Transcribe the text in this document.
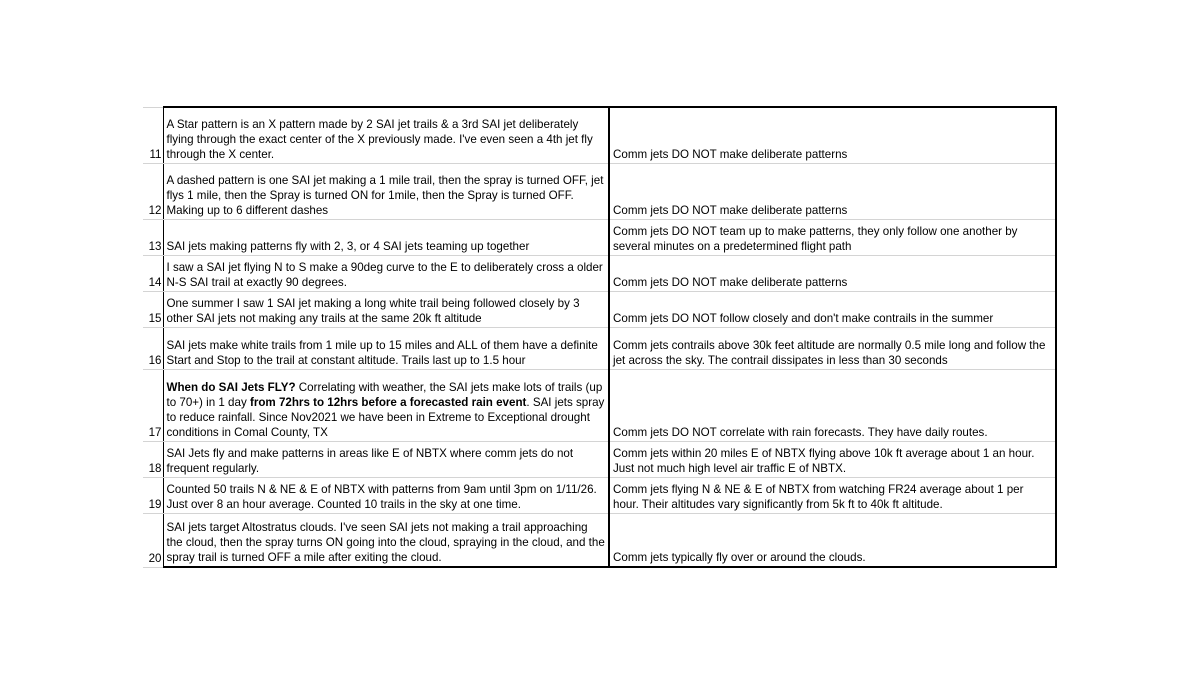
11	A Star pattern is an X pattern made by 2 SAI jet trails & a 3rd SAI jet deliberately flying through the exact center of the X previously made. I've even seen a 4th jet fly through the X center.	Comm jets DO NOT make deliberate patterns
12	A dashed pattern is one SAI jet making a 1 mile trail, then the spray is turned OFF, jet flys 1 mile, then the Spray is turned ON for 1mile, then the Spray is turned OFF. Making up to 6 different dashes	Comm jets DO NOT make deliberate patterns
13	SAI jets making patterns fly with 2, 3, or 4 SAI jets teaming up together	Comm jets DO NOT team up to make patterns, they only follow one another by several minutes on a predetermined flight path
14	I saw a SAI jet flying N to S make a 90deg curve to the E to deliberately cross a older N-S SAI trail at exactly 90 degrees.	Comm jets DO NOT make deliberate patterns
15	One summer I saw 1 SAI jet making a long white trail being followed closely by 3 other SAI jets not making any trails at the same 20k ft altitude	Comm jets DO NOT follow closely and don't make contrails in the summer
16	SAI jets make white trails from 1 mile up to 15 miles and ALL of them have a definite Start and Stop to the trail at constant altitude. Trails last up to 1.5 hour	Comm jets contrails above 30k feet altitude are normally 0.5 mile long and follow the jet across the sky. The contrail dissipates in less than 30 seconds
17	When do SAI Jets FLY? Correlating with weather, the SAI jets make lots of trails (up to 70+) in 1 day from 72hrs to 12hrs before a forecasted rain event. SAI jets spray to reduce rainfall. Since Nov2021 we have been in Extreme to Exceptional drought conditions in Comal County, TX	Comm jets DO NOT correlate with rain forecasts. They have daily routes.
18	SAI Jets fly and make patterns in areas like E of NBTX where comm jets do not frequent regularly.	Comm jets within 20 miles E of NBTX flying above 10k ft average about 1 an hour. Just not much high level air traffic E of NBTX.
19	Counted 50 trails N & NE & E of NBTX with patterns from 9am until 3pm on 1/11/26. Just over 8 an hour average. Counted 10 trails in the sky at one time.	Comm jets flying N & NE & E of NBTX from watching FR24 average about 1 per hour. Their altitudes vary significantly from 5k ft to 40k ft altitude.
20	SAI jets target Altostratus clouds. I've seen SAI jets not making a trail approaching the cloud, then the spray turns ON going into the cloud, spraying in the cloud, and the spray trail is turned OFF a mile after exiting the cloud.	Comm jets typically fly over or around the clouds.
